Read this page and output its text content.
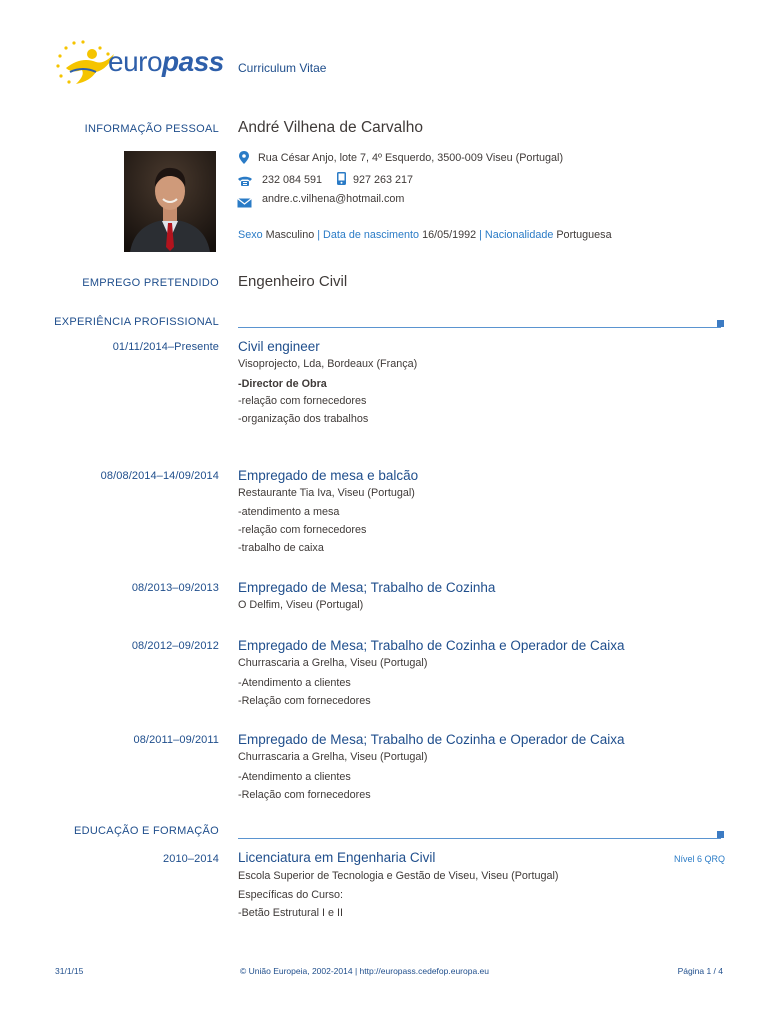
europass Curriculum Vitae
INFORMAÇÃO PESSOAL André Vilhena de Carvalho
Rua César Anjo, lote 7, 4º Esquerdo, 3500-009 Viseu (Portugal)
232 084 591	927 263 217
andre.c.vilhena@hotmail.com
Sexo Masculino | Data de nascimento 16/05/1992 | Nacionalidade Portuguesa
EMPREGO PRETENDIDO Engenheiro Civil
EXPERIÊNCIA PROFISSIONAL
01/11/2014–Presente Civil engineer
Visoprojecto, Lda, Bordeaux (França)
-Director de Obra
-relação com fornecedores
-organização dos trabalhos
08/08/2014–14/09/2014 Empregado de mesa e balcão
Restaurante Tia Iva, Viseu (Portugal)
-atendimento a mesa
-relação com fornecedores
-trabalho de caixa
08/2013–09/2013 Empregado de Mesa; Trabalho de Cozinha
O Delfim, Viseu (Portugal)
08/2012–09/2012 Empregado de Mesa; Trabalho de Cozinha e Operador de Caixa
Churrascaria a Grelha, Viseu (Portugal)
-Atendimento a clientes
-Relação com fornecedores
08/2011–09/2011 Empregado de Mesa; Trabalho de Cozinha e Operador de Caixa
Churrascaria a Grelha, Viseu (Portugal)
-Atendimento a clientes
-Relação com fornecedores
EDUCAÇÃO E FORMAÇÃO
2010–2014 Licenciatura em Engenharia Civil	Nível 6 QRQ
Escola Superior de Tecnologia e Gestão de Viseu, Viseu (Portugal)
Específicas do Curso:
-Betão Estrutural I e II
31/1/15	© União Europeia, 2002-2014 | http://europass.cedefop.europa.eu	Página 1 / 4
